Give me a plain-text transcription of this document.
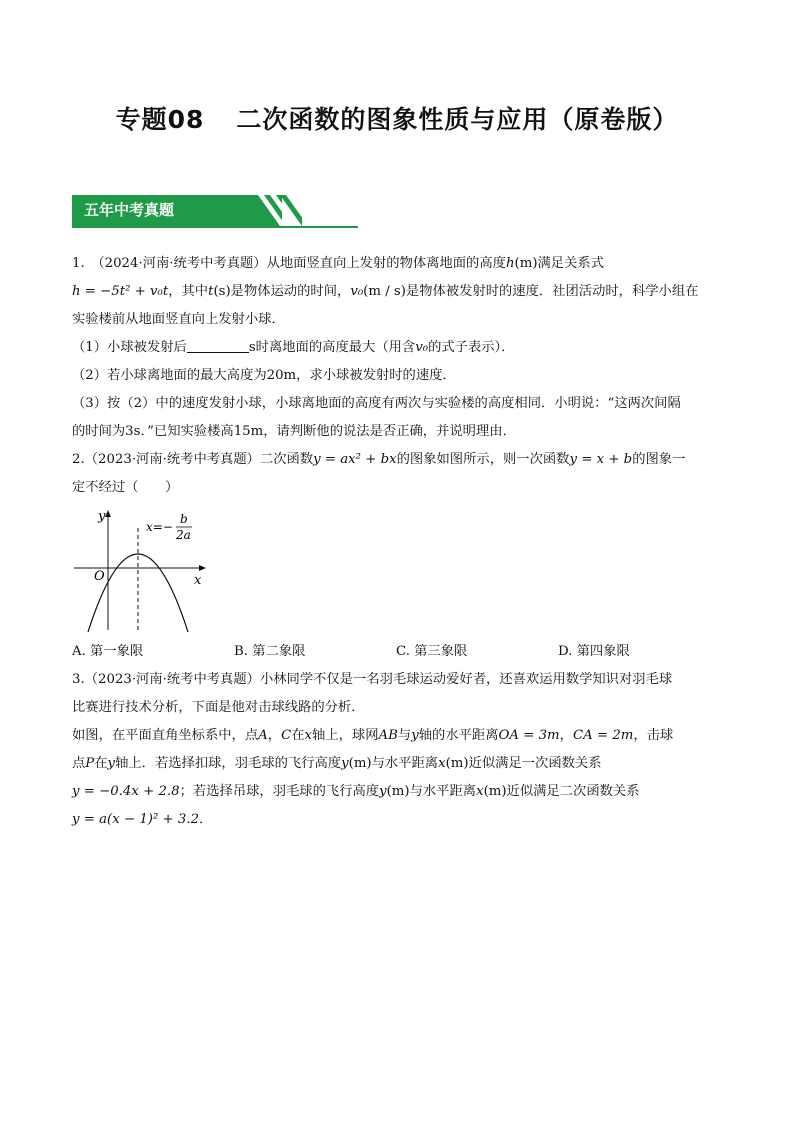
专题08 二次函数的图象性质与应用（原卷版）
五年中考真题
1.　（2024·河南·统考中考真题）从地面竖直向上发射的物体离地面的高度h(m)满足关系式
h = −5t² + v₀t，其中t(s)是物体运动的时间，v₀(m / s)是物体被发射时的速度．社团活动时，科学小组在
实验楼前从地面竖直向上发射小球．
（1）小球被发射后	s时离地面的高度最大（用含v₀的式子表示）．
（2）若小球离地面的最大高度为20m，求小球被发射时的速度．
（3）按（2）中的速度发射小球，小球离地面的高度有两次与实验楼的高度相同．小明说：“这两次间隔
的时间为3s．”已知实验楼高15m，请判断他的说法是否正确，并说明理由．
2.（2023·河南·统考中考真题）二次函数y = ax² + bx的图象如图所示，则一次函数y = x + b的图象一
定不经过（　　）
y
x
O
x=−
b
2a
A. 第一象限	B. 第二象限	C. 第三象限	D. 第四象限
3.（2023·河南·统考中考真题）小林同学不仅是一名羽毛球运动爱好者，还喜欢运用数学知识对羽毛球
比赛进行技术分析，下面是他对击球线路的分析．
如图，在平面直角坐标系中，点A，C在x轴上，球网AB与y轴的水平距离OA = 3m，CA = 2m，击球
点P在y轴上．若选择扣球，羽毛球的飞行高度y(m)与水平距离x(m)近似满足一次函数关系
y = −0.4x + 2.8；若选择吊球，羽毛球的飞行高度y(m)与水平距离x(m)近似满足二次函数关系
y = a(x − 1)² + 3.2．
